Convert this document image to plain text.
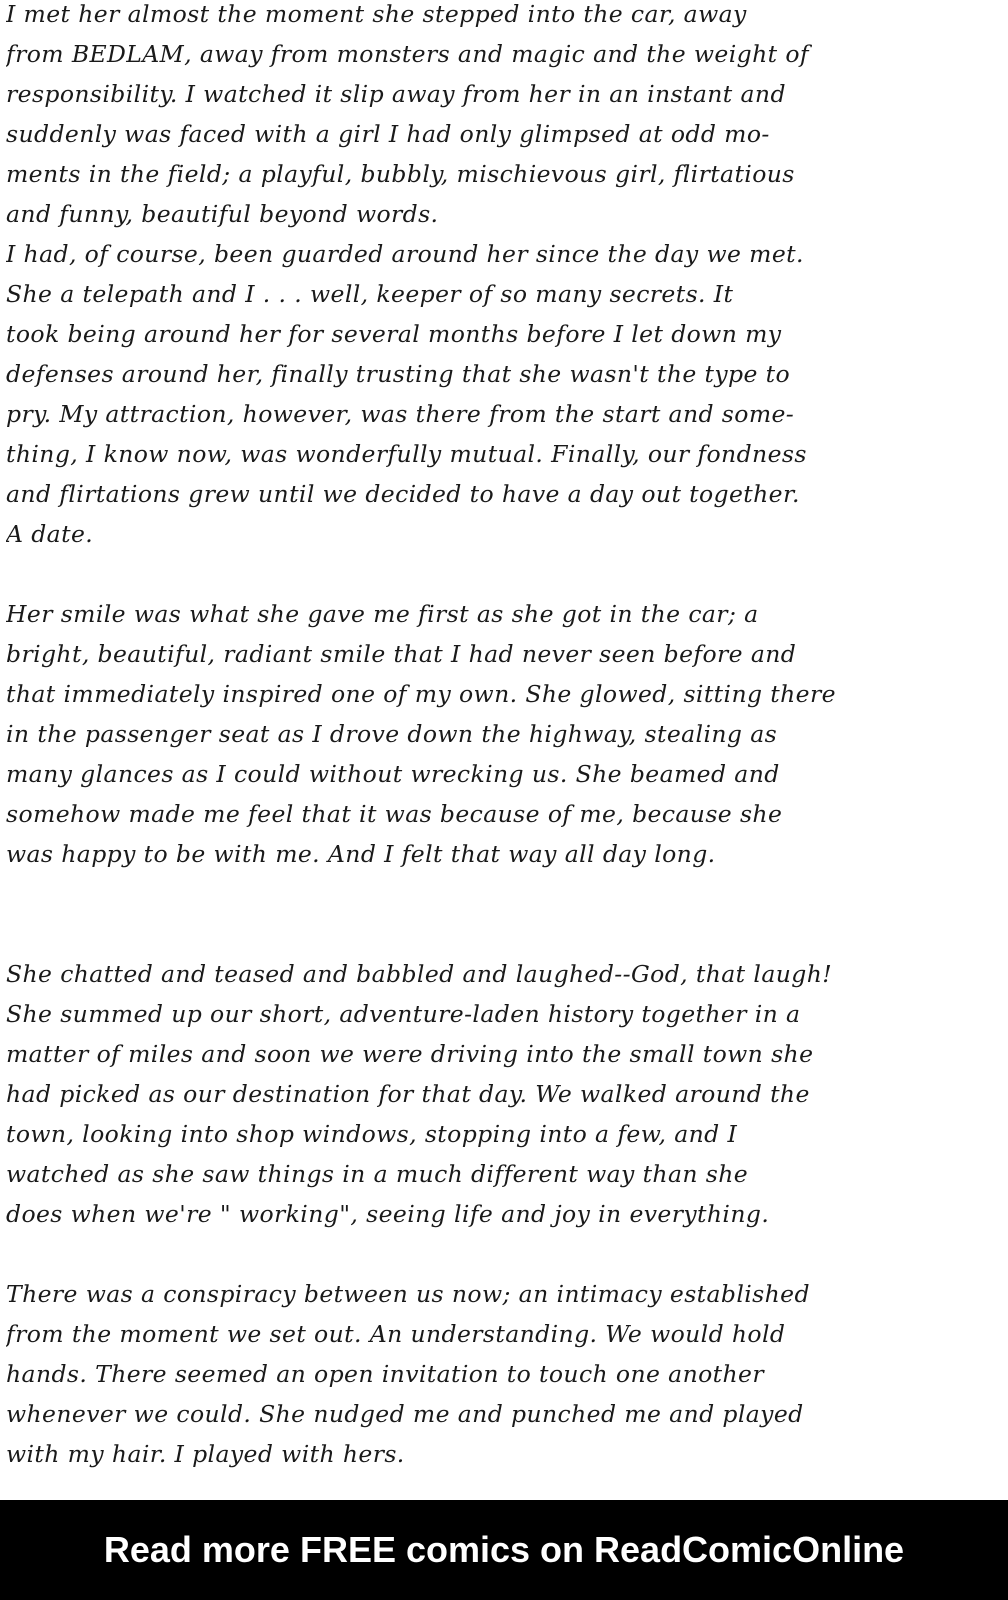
I met her almost the moment she stepped into the car, away
from BEDLAM, away from monsters and magic and the weight of
responsibility. I watched it slip away from her in an instant and
suddenly was faced with a girl I had only glimpsed at odd mo-
ments in the field; a playful, bubbly, mischievous girl, flirtatious
and funny, beautiful beyond words.
I had, of course, been guarded around her since the day we met.
She a telepath and I . . . well, keeper of so many secrets. It
took being around her for several months before I let down my
defenses around her, finally trusting that she wasn't the type to
pry. My attraction, however, was there from the start and some-
thing, I know now, was wonderfully mutual. Finally, our fondness
and flirtations grew until we decided to have a day out together.
A date.
Her smile was what she gave me first as she got in the car; a
bright, beautiful, radiant smile that I had never seen before and
that immediately inspired one of my own. She glowed, sitting there
in the passenger seat as I drove down the highway, stealing as
many glances as I could without wrecking us. She beamed and
somehow made me feel that it was because of me, because she
was happy to be with me. And I felt that way all day long.
She chatted and teased and babbled and laughed--God, that laugh!
She summed up our short, adventure-laden history together in a
matter of miles and soon we were driving into the small town she
had picked as our destination for that day. We walked around the
town, looking into shop windows, stopping into a few, and I
watched as she saw things in a much different way than she
does when we're " working", seeing life and joy in everything.
There was a conspiracy between us now; an intimacy established
from the moment we set out. An understanding. We would hold
hands. There seemed an open invitation to touch one another
whenever we could. She nudged me and punched me and played
with my hair. I played with hers.
Read more FREE comics on ReadComicOnline
